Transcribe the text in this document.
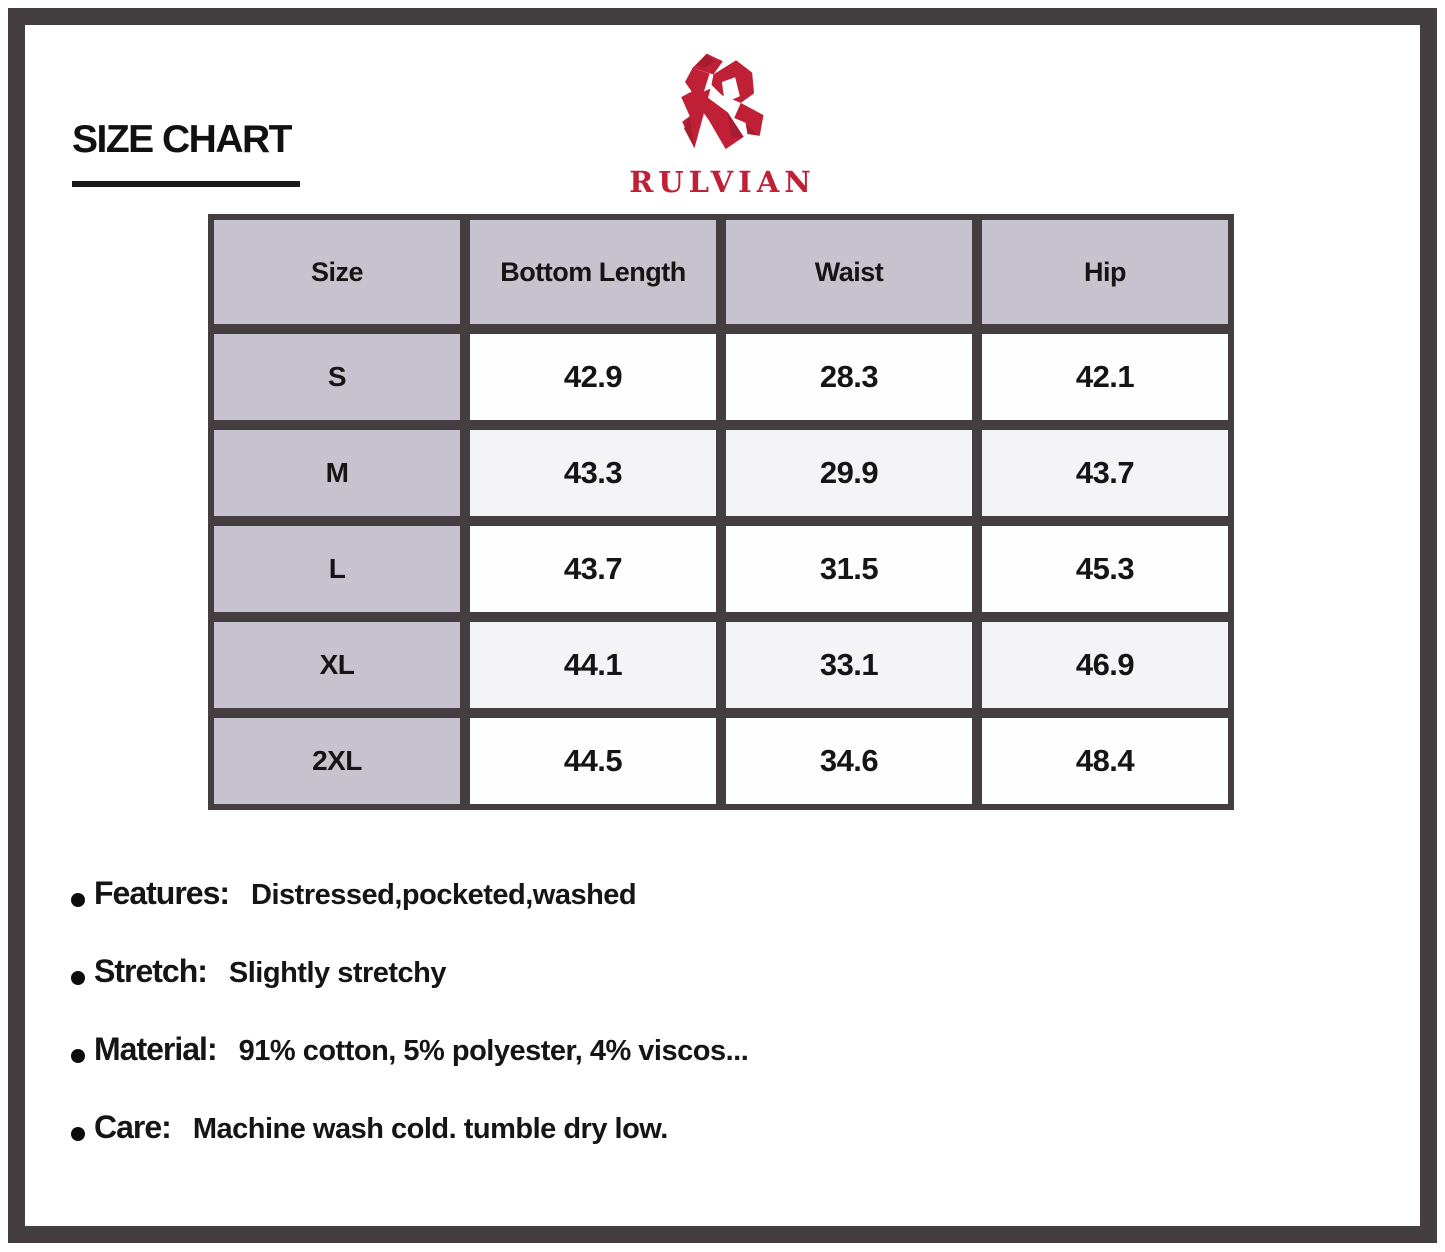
SIZE CHART
RULVIAN
Size	Bottom Length	Waist	Hip
S	42.9	28.3	42.1
M	43.3	29.9	43.7
L	43.7	31.5	45.3
XL	44.1	33.1	46.9
2XL	44.5	34.6	48.4
Features: Distressed,pocketed,washed
Stretch: Slightly stretchy
Material: 91% cotton, 5% polyester, 4% viscos...
Care: Machine wash cold. tumble dry low.
